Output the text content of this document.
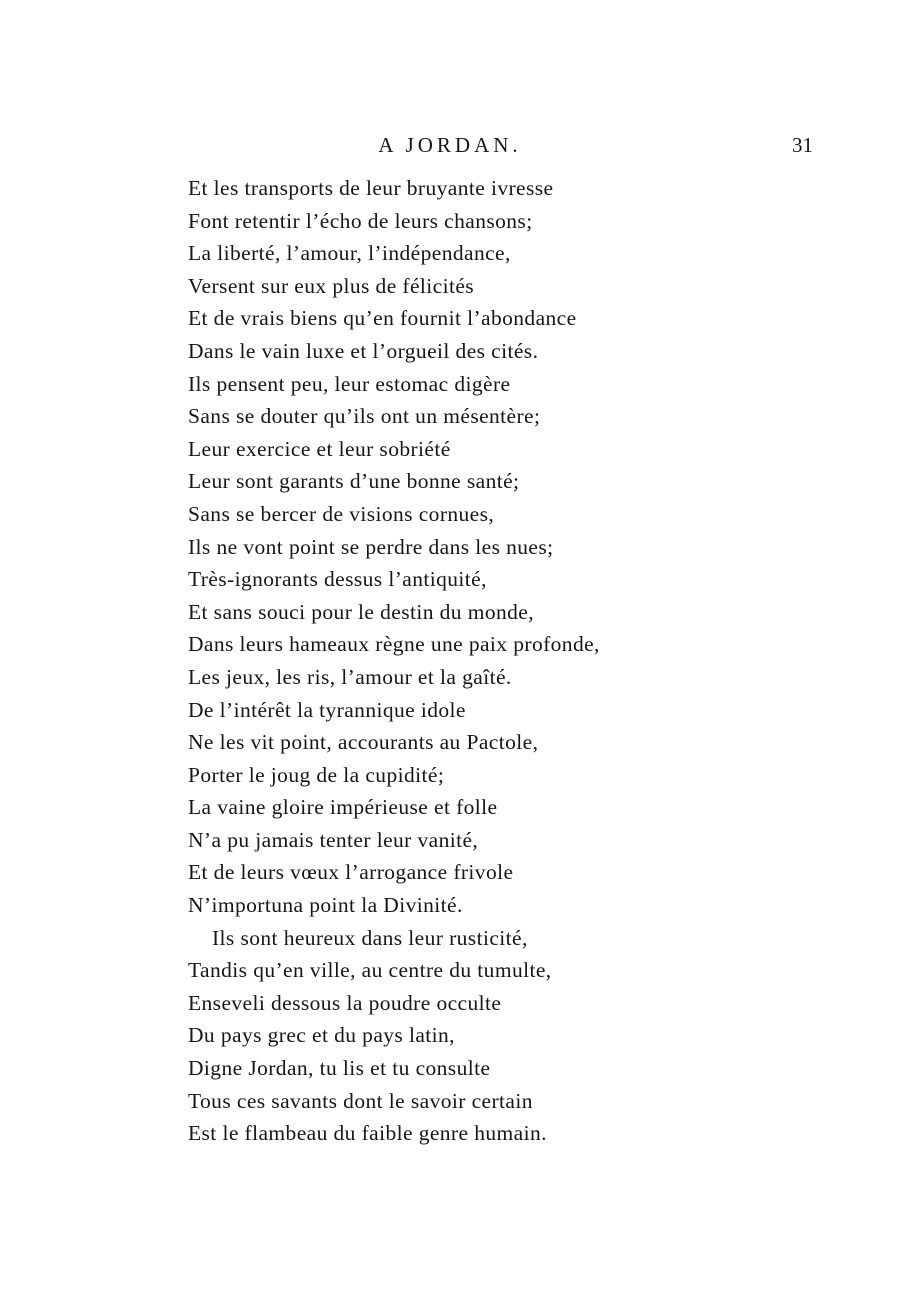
A JORDAN.	31
Et les transports de leur bruyante ivresse
Font retentir l’écho de leurs chansons;
La liberté, l’amour, l’indépendance,
Versent sur eux plus de félicités
Et de vrais biens qu’en fournit l’abondance
Dans le vain luxe et l’orgueil des cités.
Ils pensent peu, leur estomac digère
Sans se douter qu’ils ont un mésentère;
Leur exercice et leur sobriété
Leur sont garants d’une bonne santé;
Sans se bercer de visions cornues,
Ils ne vont point se perdre dans les nues;
Très-ignorants dessus l’antiquité,
Et sans souci pour le destin du monde,
Dans leurs hameaux règne une paix profonde,
Les jeux, les ris, l’amour et la gaîté.
De l’intérêt la tyrannique idole
Ne les vit point, accourants au Pactole,
Porter le joug de la cupidité;
La vaine gloire impérieuse et folle
N’a pu jamais tenter leur vanité,
Et de leurs vœux l’arrogance frivole
N’importuna point la Divinité.
Ils sont heureux dans leur rusticité,
Tandis qu’en ville, au centre du tumulte,
Enseveli dessous la poudre occulte
Du pays grec et du pays latin,
Digne Jordan, tu lis et tu consulte
Tous ces savants dont le savoir certain
Est le flambeau du faible genre humain.
